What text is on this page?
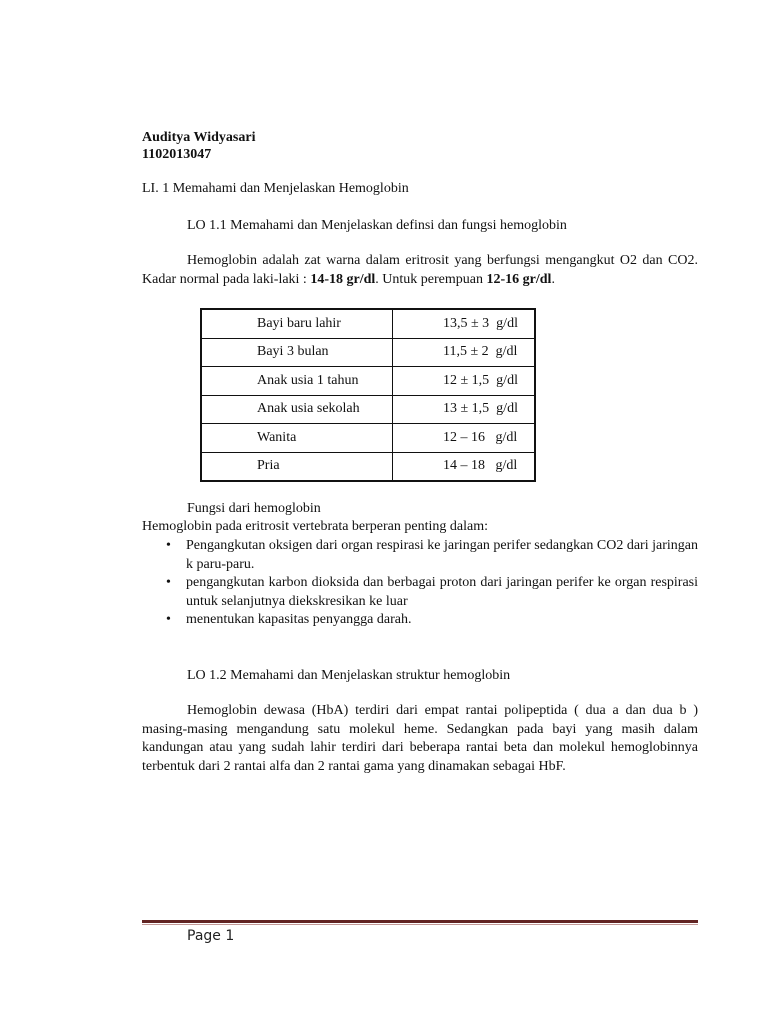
Auditya Widyasari
1102013047
LI. 1 Memahami dan Menjelaskan Hemoglobin
LO 1.1 Memahami dan Menjelaskan definsi dan fungsi hemoglobin
Hemoglobin adalah zat warna dalam eritrosit yang berfungsi mengangkut O2 dan CO2. Kadar normal pada laki-laki : 14-18 gr/dl. Untuk perempuan 12-16 gr/dl.
Bayi baru lahir	13,5 ± 3  g/dl
Bayi 3 bulan	11,5 ± 2  g/dl
Anak usia 1 tahun	12 ± 1,5  g/dl
Anak usia sekolah	13 ± 1,5  g/dl
Wanita	12 – 16   g/dl
Pria	14 – 18   g/dl
Fungsi dari hemoglobin
Hemoglobin pada eritrosit vertebrata berperan penting dalam:
• Pengangkutan oksigen dari organ respirasi ke jaringan perifer sedangkan CO2 dari jaringan k paru-paru.
• pengangkutan karbon dioksida dan berbagai proton dari jaringan perifer ke organ respirasi untuk selanjutnya diekskresikan ke luar
• menentukan kapasitas penyangga darah.
LO 1.2 Memahami dan Menjelaskan struktur hemoglobin
Hemoglobin dewasa (HbA) terdiri dari empat rantai polipeptida ( dua a dan dua b ) masing-masing mengandung satu molekul heme. Sedangkan pada bayi yang masih dalam kandungan atau yang sudah lahir terdiri dari beberapa rantai beta dan molekul hemoglobinnya terbentuk dari 2 rantai alfa dan 2 rantai gama yang dinamakan sebagai HbF.
Page 1
